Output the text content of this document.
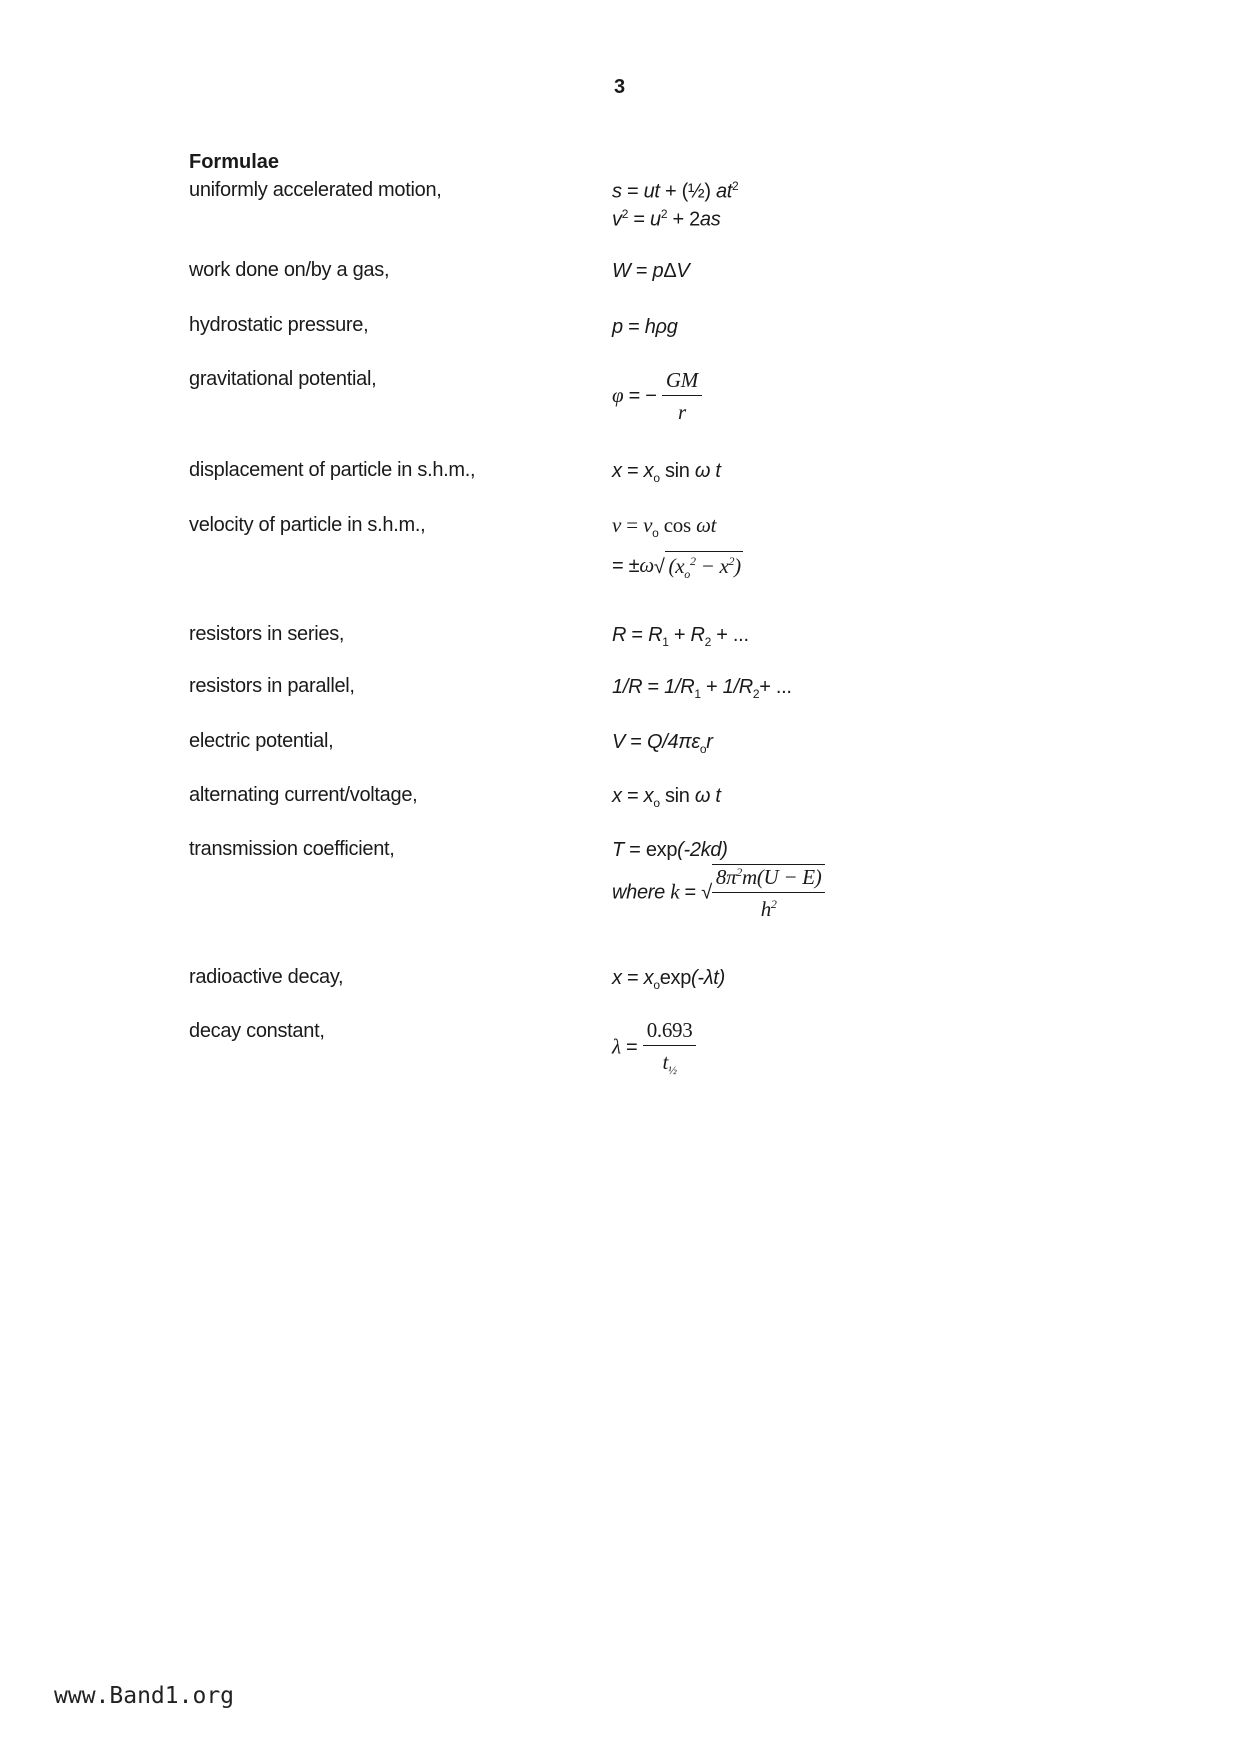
3
Formulae
uniformly accelerated motion,
work done on/by a gas,
hydrostatic pressure,
gravitational potential,
displacement of particle in s.h.m.,
velocity of particle in s.h.m.,
resistors in series,
resistors in parallel,
electric potential,
alternating current/voltage,
transmission coefficient,
radioactive decay,
decay constant,
s = ut + (½) $at^2$
$v^2 = u^2 + 2as$
W = pΔV
p = hρg
φ = − $\frac{GM}{r}$
$x = x_o$ sin ω t
$v = v_o$ cos ωt
= ±ω√ $(x_o^2 - x^2)$
$R = R_1 + R_2$ + ...
$1/R = 1/R_1 + 1/R_2+$ ...
$V = Q/4\pi\varepsilon_or$
$x = x_o$ sin ω t
T = exp(-2kd)
where k = √ $\frac{8\pi^2m(U - E)}{h^2}$
$x = x_o\exp(-\lambda t)$
$\lambda = \frac{0.693}{t_{\frac{1}{2}}}$
www.Band1.org
